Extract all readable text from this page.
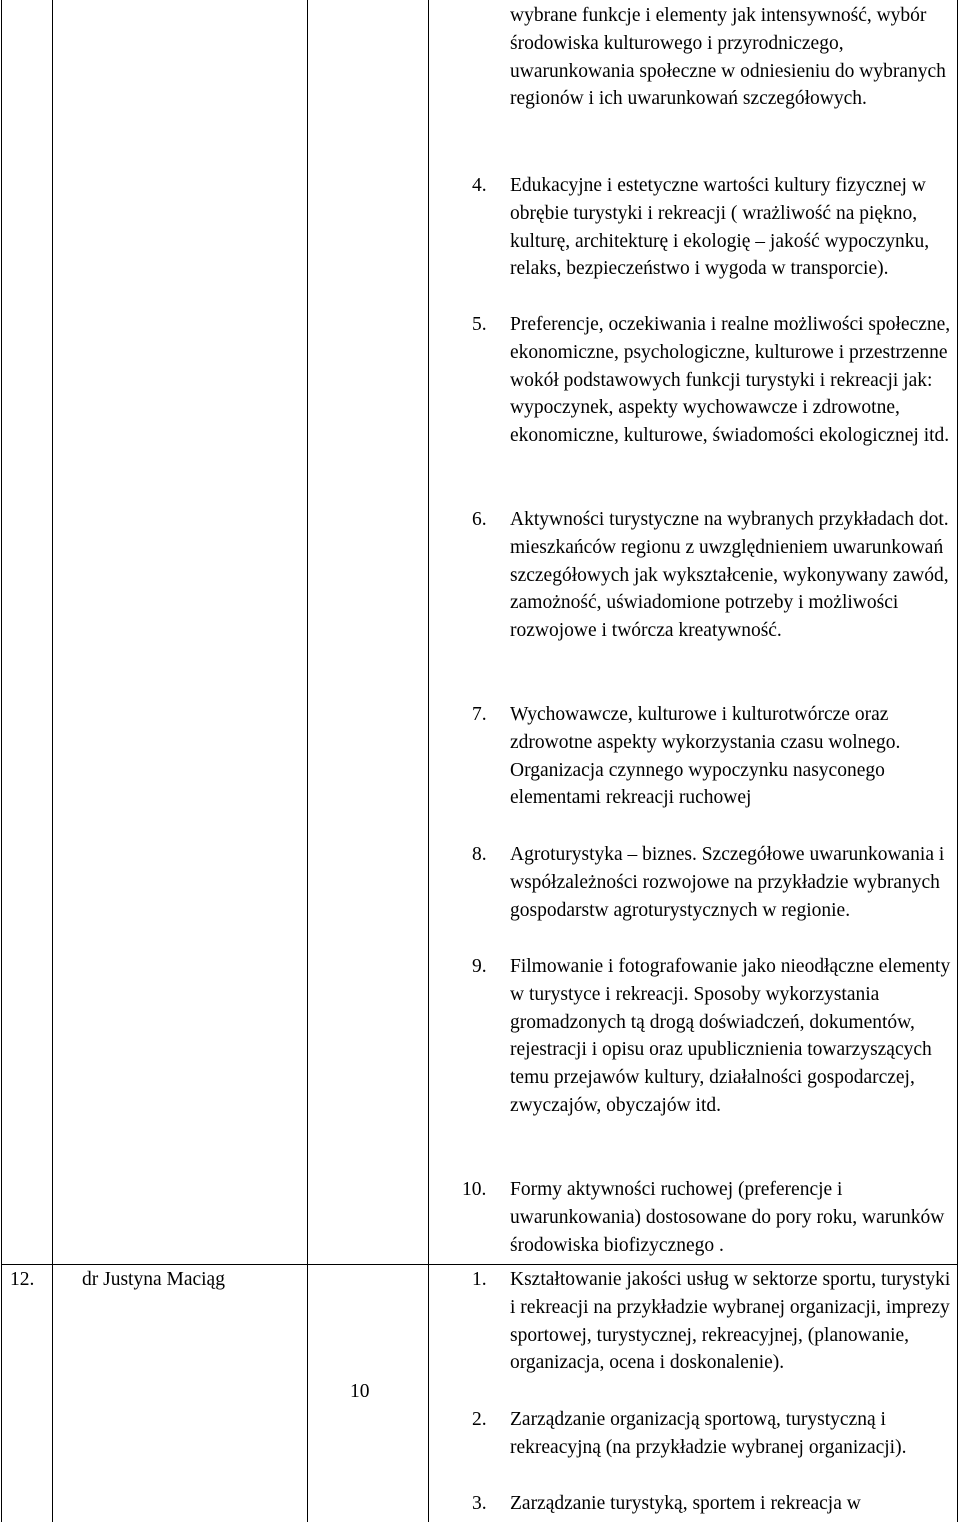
wybrane funkcje i elementy jak intensywność, wybór środowiska kulturowego i przyrodniczego, uwarunkowania społeczne w odniesieniu do wybranych regionów i ich uwarunkowań szczegółowych.
4. Edukacyjne i estetyczne wartości kultury fizycznej w obrębie turystyki i rekreacji ( wrażliwość na piękno, kulturę, architekturę i ekologię – jakość wypoczynku, relaks, bezpieczeństwo i wygoda w transporcie).
5. Preferencje, oczekiwania i realne możliwości społeczne, ekonomiczne, psychologiczne, kulturowe i przestrzenne wokół podstawowych funkcji turystyki i rekreacji jak: wypoczynek, aspekty wychowawcze i zdrowotne, ekonomiczne, kulturowe, świadomości ekologicznej itd.
6. Aktywności turystyczne na wybranych przykładach dot. mieszkańców regionu z uwzględnieniem uwarunkowań szczegółowych jak wykształcenie, wykonywany zawód, zamożność, uświadomione potrzeby i możliwości rozwojowe i twórcza kreatywność.
7. Wychowawcze, kulturowe i kulturotwórcze oraz zdrowotne aspekty wykorzystania czasu wolnego. Organizacja czynnego wypoczynku nasyconego elementami rekreacji ruchowej
8. Agroturystyka – biznes. Szczegółowe uwarunkowania i współzależności rozwojowe na przykładzie wybranych gospodarstw agroturystycznych w regionie.
9. Filmowanie i fotografowanie jako nieodłączne elementy w turystyce i rekreacji. Sposoby wykorzystania gromadzonych tą drogą doświadczeń, dokumentów, rejestracji i opisu oraz upublicznienia towarzyszących temu przejawów kultury, działalności gospodarczej, zwyczajów, obyczajów itd.
10. Formy aktywności ruchowej (preferencje i uwarunkowania) dostosowane do pory roku, warunków środowiska biofizycznego .
12. dr Justyna Maciąg
10
1. Kształtowanie jakości usług w sektorze sportu, turystyki i rekreacji na przykładzie wybranej organizacji, imprezy sportowej, turystycznej, rekreacyjnej, (planowanie, organizacja, ocena i doskonalenie).
2. Zarządzanie organizacją sportową, turystyczną i rekreacyjną (na przykładzie wybranej organizacji).
3. Zarządzanie turystyką, sportem i rekreacja w
